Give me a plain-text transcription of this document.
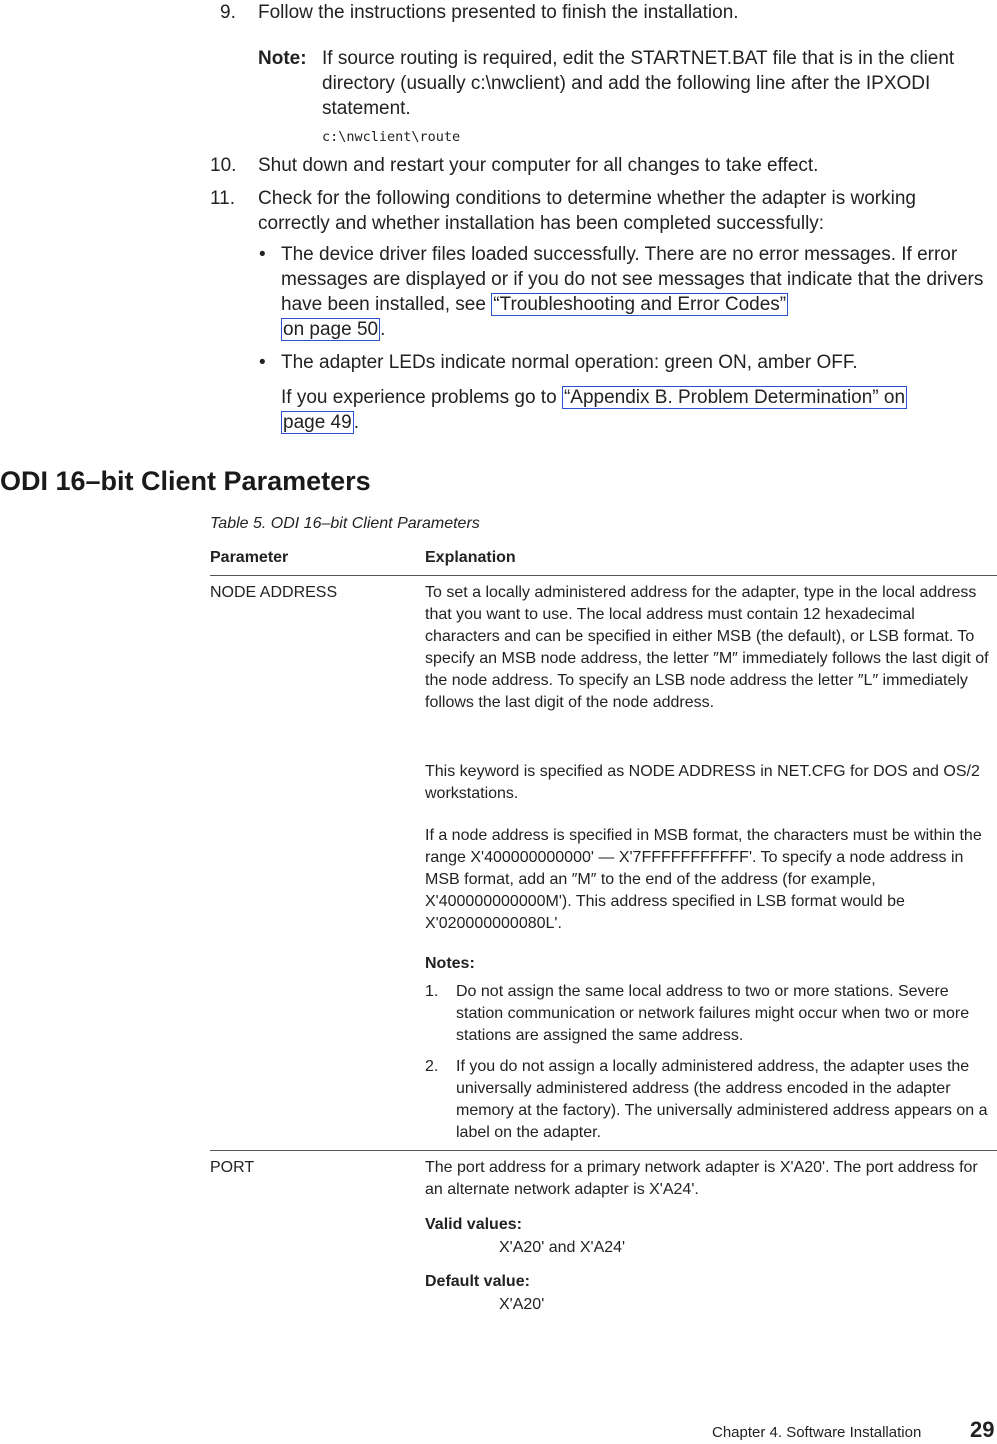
9. Follow the instructions presented to finish the installation.
Note: If source routing is required, edit the STARTNET.BAT file that is in the client directory (usually c:\nwclient) and add the following line after the IPXODI statement.
c:\nwclient\route
10. Shut down and restart your computer for all changes to take effect.
11. Check for the following conditions to determine whether the adapter is working correctly and whether installation has been completed successfully:
• The device driver files loaded successfully. There are no error messages. If error messages are displayed or if you do not see messages that indicate that the drivers have been installed, see “Troubleshooting and Error Codes”
on page 50 .
• The adapter LEDs indicate normal operation: green ON, amber OFF.
If you experience problems go to “Appendix B. Problem Determination” on
page 49 .
ODI 16–bit Client Parameters
Table 5. ODI 16–bit Client Parameters
Parameter	Explanation
NODE ADDRESS	To set a locally administered address for the adapter, type in the local address that you want to use. The local address must contain 12 hexadecimal characters and can be specified in either MSB (the default), or LSB format. To specify an MSB node address, the letter ″M″ immediately follows the last digit of the node address. To specify an LSB node address the letter ″L″ immediately follows the last digit of the node address.
This keyword is specified as NODE ADDRESS in NET.CFG for DOS and OS/2 workstations.
If a node address is specified in MSB format, the characters must be within the range X'400000000000' — X'7FFFFFFFFFFF'. To specify a node address in MSB format, add an ″M″ to the end of the address (for example, X'400000000000M'). This address specified in LSB format would be X'020000000080L'.
Notes:
1. Do not assign the same local address to two or more stations. Severe station communication or network failures might occur when two or more stations are assigned the same address.
2. If you do not assign a locally administered address, the adapter uses the universally administered address (the address encoded in the adapter memory at the factory). The universally administered address appears on a label on the adapter.
PORT	The port address for a primary network adapter is X'A20'. The port address for an alternate network adapter is X'A24'.
Valid values:
X'A20' and X'A24'
Default value:
X'A20'
Chapter 4. Software Installation 29
